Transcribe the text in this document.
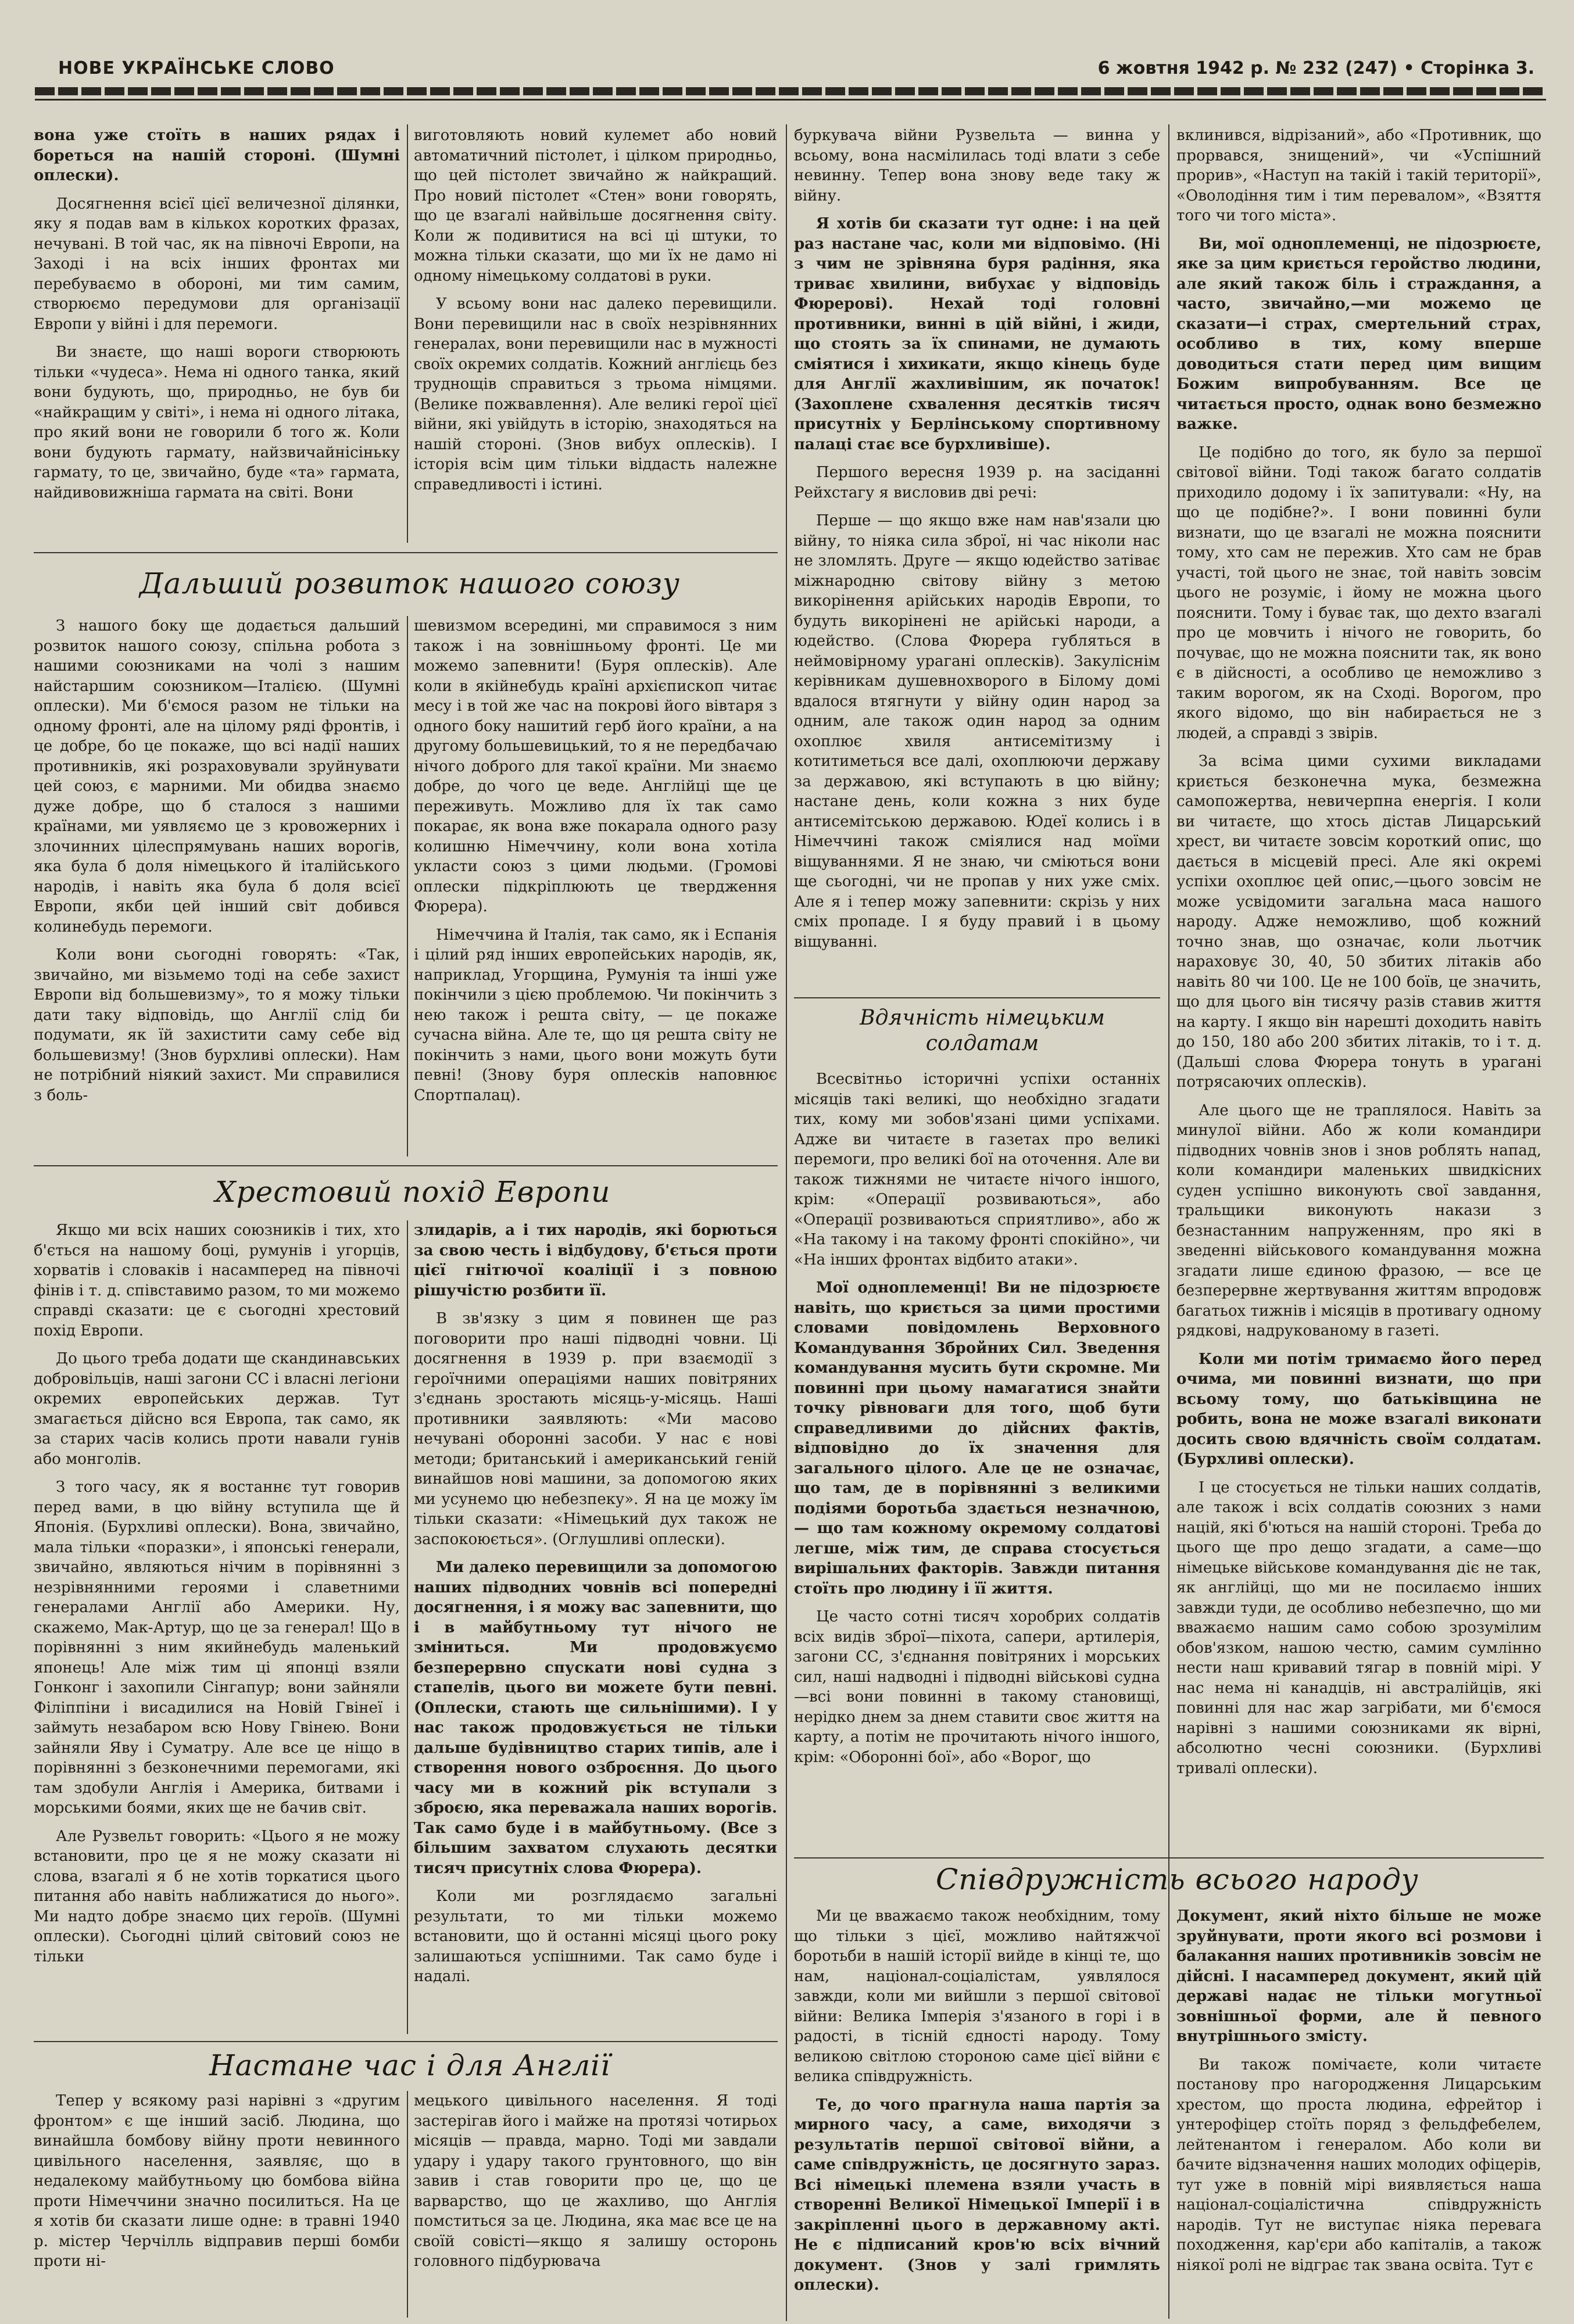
НОВЕ УКРАЇНСЬКЕ СЛОВО	6 жовтня 1942 р. № 232 (247) • Сторінка 3.

вона уже стоїть в наших рядах і бореться на нашій стороні. (Шумні оплески).

Досягнення всієї цієї величезної ділянки, яку я подав вам в кількох коротких фразах, нечувані. В той час, як на півночі Европи, на Заході і на всіх інших фронтах ми перебуваємо в обороні, ми тим самим, створюємо передумови для організації Европи у війні і для перемоги.

Ви знаєте, що наші вороги створюють тільки «чудеса». Нема ні одного танка, який вони будують, що, природньо, не був би «найкращим у світі», і нема ні одного літака, про який вони не говорили б того ж. Коли вони будують гармату, найзвичайнісіньку гармату, то це, звичайно, буде «та» гармата, найдивовижніша гармата на світі. Вони

виготовляють новий кулемет або новий автоматичний пістолет, і цілком природньо, що цей пістолет звичайно ж найкращий. Про новий пістолет «Стен» вони говорять, що це взагалі найвільше досягнення світу. Коли ж подивитися на всі ці штуки, то можна тільки сказати, що ми їх не дамо ні одному німецькому солдатові в руки.

У всьому вони нас далеко перевищили. Вони перевищили нас в своїх незрівнянних генералах, вони перевищили нас в мужності своїх окремих солдатів. Кожний англієць без труднощів справиться з трьома німцями. (Велике пожвавлення). Але великі герої цієї війни, які увійдуть в історію, знаходяться на нашій стороні. (Знов вибух оплесків). І історія всім цим тільки віддасть належне справедливості і істині.

буркувача війни Рузвельта — винна у всьому, вона насмілилась тоді влати з себе невинну. Тепер вона знову веде таку ж війну.

Я хотів би сказати тут одне: і на цей раз настане час, коли ми відповімо. (Ні з чим не зрівняна буря радіння, яка триває хвилини, вибухає у відповідь Фюрерові). Нехай тоді головні противники, винні в цій війні, і жиди, що стоять за їх спинами, не думають сміятися і хихикати, якщо кінець буде для Англії жахливішим, як початок! (Захоплене схвалення десятків тисяч присутніх у Берлінському спортивному палаці стає все бурхливіше).

Першого вересня 1939 р. на засіданні Рейхстагу я висловив дві речі:

Перше — що якщо вже нам нав'язали цю війну, то ніяка сила зброї, ні час ніколи нас не зломлять. Друге — якщо юдейство затіває міжнародню світову війну з метою викорінення арійських народів Европи, то будуть викорінені не арійські народи, а юдейство. (Слова Фюрера губляться в неймовірному урагані оплесків). Закуліснім керівникам душевнохворого в Білому домі вдалося втягнути у війну один народ за одним, але також один народ за одним охоплює хвиля антисемітизму і котитиметься все далі, охоплюючи державу за державою, які вступають в цю війну; настане день, коли кожна з них буде антисемітською державою. Юдеї колись і в Німеччині також сміялися над моїми віщуваннями. Я не знаю, чи сміються вони ще сьогодні, чи не пропав у них уже сміх. Але я і тепер можу запевнити: скрізь у них сміх пропаде. І я буду правий і в цьому віщуванні.

вклинився, відрізаний», або «Противник, що прорвався, знищений», чи «Успішний прорив», «Наступ на такій і такій території», «Оволодіння тим і тим перевалом», «Взяття того чи того міста».

Ви, мої одноплеменці, не підозрюєте, яке за цим криється геройство людини, але який також біль і страждання, а часто, звичайно,—ми можемо це сказати—і страх, смертельний страх, особливо в тих, кому вперше доводиться стати перед цим вищим Божим випробуванням. Все це читається просто, однак воно безмежно важке.

Це подібно до того, як було за першої світової війни. Тоді також багато солдатів приходило додому і їх запитували: «Ну, на що це подібне?». І вони повинні були визнати, що це взагалі не можна пояснити тому, хто сам не пережив. Хто сам не брав участі, той цього не знає, той навіть зовсім цього не розуміє, і йому не можна цього пояснити. Тому і буває так, що дехто взагалі про це мовчить і нічого не говорить, бо почуває, що не можна пояснити так, як воно є в дійсності, а особливо це неможливо з таким ворогом, як на Сході. Ворогом, про якого відомо, що він набирається не з людей, а справді з звірів.

За всіма цими сухими викладами криється безконечна мука, безмежна самопожертва, невичерпна енергія. І коли ви читаєте, що хтось дістав Лицарський хрест, ви читаєте зовсім короткий опис, що дається в місцевій пресі. Але які окремі успіхи охоплює цей опис,—цього зовсім не може усвідомити загальна маса нашого народу. Адже неможливо, щоб кожний точно знав, що означає, коли льотчик нараховує 30, 40, 50 збитих літаків або навіть 80 чи 100. Це не 100 боїв, це значить, що для цього він тисячу разів ставив життя на карту. І якщо він нарешті доходить навіть до 150, 180 або 200 збитих літаків, то і т. д. (Дальші слова Фюрера тонуть в урагані потрясаючих оплесків).

Але цього ще не траплялося. Навіть за минулої війни. Або ж коли командири підводних човнів знов і знов роблять напад, коли командири маленьких швидкісних суден успішно виконують свої завдання, тральщики виконують накази з безнастанним напруженням, про які в зведенні військового командування можна згадати лише єдиною фразою, — все це безперервне жертвування життям впродовж багатьох тижнів і місяців в противагу одному рядкові, надрукованому в газеті.

Коли ми потім тримаємо його перед очима, ми повинні визнати, що при всьому тому, що батьківщина не робить, вона не може взагалі виконати досить свою вдячність своїм солдатам. (Бурхливі оплески).

І це стосується не тільки наших солдатів, але також і всіх солдатів союзних з нами націй, які б'ються на нашій стороні. Треба до цього ще про дещо згадати, а саме—що німецьке військове командування діє не так, як англійці, що ми не посилаємо інших завжди туди, де особливо небезпечно, що ми вважаємо нашим само собою зрозумілим обов'язком, нашою честю, самим сумлінно нести наш кривавий тягар в повній мірі. У нас нема ні канадців, ні австралійців, які повинні для нас жар загрібати, ми б'ємося нарівні з нашими союзниками як вірні, абсолютно чесні союзники. (Бурхливі тривалі оплески).

Дальший розвиток нашого союзу

З нашого боку ще додається дальший розвиток нашого союзу, спільна робота з нашими союзниками на чолі з нашим найстаршим союзником—Італією. (Шумні оплески). Ми б'ємося разом не тільки на одному фронті, але на цілому ряді фронтів, і це добре, бо це покаже, що всі надії наших противників, які розраховували зруйнувати цей союз, є марними. Ми обидва знаємо дуже добре, що б сталося з нашими країнами, ми уявляємо це з кровожерних і злочинних цілеспрямувань наших ворогів, яка була б доля німецького й італійського народів, і навіть яка була б доля всієї Европи, якби цей інший світ добився колинебудь перемоги.

Коли вони сьогодні говорять: «Так, звичайно, ми візьмемо тоді на себе захист Европи від большевизму», то я можу тільки дати таку відповідь, що Англії слід би подумати, як їй захистити саму себе від большевизму! (Знов бурхливі оплески). Нам не потрібний ніякий захист. Ми справилися з боль-

шевизмом всередині, ми справимося з ним також і на зовнішньому фронті. Це ми можемо запевнити! (Буря оплесків). Але коли в якійнебудь країні архієпископ читає месу і в той же час на покрові його вівтаря з одного боку нашитий герб його країни, а на другому большевицький, то я не передбачаю нічого доброго для такої країни. Ми знаємо добре, до чого це веде. Англійці ще це переживуть. Можливо для їх так само покарає, як вона вже покарала одного разу колишню Німеччину, коли вона хотіла укласти союз з цими людьми. (Громові оплески підкріплюють це твердження Фюрера).

Німеччина й Італія, так само, як і Еспанія і цілий ряд інших европейських народів, як, наприклад, Угорщина, Румунія та інші уже покінчили з цією проблемою. Чи покінчить з нею також і решта світу, — це покаже сучасна війна. Але те, що ця решта світу не покінчить з нами, цього вони можуть бути певні! (Знову буря оплесків наповнює Спортпалац).

Хрестовий похід Европи

Якщо ми всіх наших союзників і тих, хто б'ється на нашому боці, румунів і угорців, хорватів і словаків і насамперед на півночі фінів і т. д. співставимо разом, то ми можемо справді сказати: це є сьогодні хрестовий похід Европи.

До цього треба додати ще скандинавських добровільців, наші загони СС і власні легіони окремих европейських держав. Тут змагається дійсно вся Европа, так само, як за старих часів колись проти навали гунів або монголів.

З того часу, як я востаннє тут говорив перед вами, в цю війну вступила ще й Японія. (Бурхливі оплески). Вона, звичайно, мала тільки «поразки», і японські генерали, звичайно, являються нічим в порівнянні з незрівнянними героями і славетними генералами Англії або Америки. Ну, скажемо, Мак-Артур, що це за генерал! Що в порівнянні з ним якийнебудь маленький японець! Але між тим ці японці взяли Гонконг і захопили Сінгапур; вони зайняли Філіппіни і висадилися на Новій Гвінеї і займуть незабаром всю Нову Гвінею. Вони зайняли Яву і Суматру. Але все це ніщо в порівнянні з безконечними перемогами, які там здобули Англія і Америка, битвами і морськими боями, яких ще не бачив світ.

Але Рузвельт говорить: «Цього я не можу встановити, про це я не можу сказати ні слова, взагалі я б не хотів торкатися цього питання або навіть наближатися до нього». Ми надто добре знаємо цих героїв. (Шумні оплески). Сьогодні цілий світовий союз не тільки

злидарів, а і тих народів, які борються за свою честь і відбудову, б'ється проти цієї гнітючої коаліції і з повною рішучістю розбити її.

В зв'язку з цим я повинен ще раз поговорити про наші підводні човни. Ці досягнення в 1939 р. при взаємодії з героїчними операціями наших повітряних з'єднань зростають місяць-у-місяць. Наші противники заявляють: «Ми масово нечувані оборонні засоби. У нас є нові методи; британський і американський геній винайшов нові машини, за допомогою яких ми усунемо цю небезпеку». Я на це можу їм тільки сказати: «Німецький дух також не заспокоюється». (Оглушливі оплески).

Ми далеко перевищили за допомогою наших підводних човнів всі попередні досягнення, і я можу вас запевнити, що і в майбутньому тут нічого не зміниться. Ми продовжуємо безперервно спускати нові судна з стапелів, цього ви можете бути певні. (Оплески, стають ще сильнішими). І у нас також продовжується не тільки дальше будівництво старих типів, але і створення нового озброєння. До цього часу ми в кожний рік вступали з зброєю, яка переважала наших ворогів. Так само буде і в майбутньому. (Все з більшим захватом слухають десятки тисяч присутніх слова Фюрера).

Коли ми розглядаємо загальні результати, то ми тільки можемо встановити, що й останні місяці цього року залишаються успішними. Так само буде і надалі.

Настане час і для Англії

Тепер у всякому разі нарівні з «другим фронтом» є ще інший засіб. Людина, що винайшла бомбову війну проти невинного цивільного населення, заявляє, що в недалекому майбутньому цю бомбова війна проти Німеччини значно посилиться. На це я хотів би сказати лише одне: в травні 1940 р. містер Черчілль відправив перші бомби проти ні-

мецького цивільного населення. Я тоді застерігав його і майже на протязі чотирьох місяців — правда, марно. Тоді ми завдали удару і удару такого грунтовного, що він завив і став говорити про це, що це варварство, що це жахливо, що Англія помститься за це. Людина, яка має все це на своїй совісті—якщо я залишу осторонь головного підбурювача

Вдячність німецьким солдатам

Всесвітньо історичні успіхи останніх місяців такі великі, що необхідно згадати тих, кому ми зобов'язані цими успіхами. Адже ви читаєте в газетах про великі перемоги, про великі бої на оточення. Але ви також тижнями не читаєте нічого іншого, крім: «Операції розвиваються», або «Операції розвиваються сприятливо», або ж «На такому і на такому фронті спокійно», чи «На інших фронтах відбито атаки».

Мої одноплеменці! Ви не підозрюєте навіть, що криється за цими простими словами повідомлень Верховного Командування Збройних Сил. Зведення командування мусить бути скромне. Ми повинні при цьому намагатися знайти точку рівноваги для того, щоб бути справедливими до дійсних фактів, відповідно до їх значення для загального цілого. Але це не означає, що там, де в порівнянні з великими подіями боротьба здається незначною, — що там кожному окремому солдатові легше, між тим, де справа стосується вирішальних факторів. Завжди питання стоїть про людину і її життя.

Це часто сотні тисяч хоробрих солдатів всіх видів зброї—піхота, сапери, артилерія, загони СС, з'єднання повітряних і морських сил, наші надводні і підводні військові судна—всі вони повинні в такому становищі, нерідко днем за днем ставити своє життя на карту, а потім не прочитають нічого іншого, крім: «Оборонні бої», або «Ворог, що

Співдружність всього народу

Ми це вважаємо також необхідним, тому що тільки з цієї, можливо найтяжчої боротьби в нашій історії вийде в кінці те, що нам, націонал-соціалістам, уявлялося завжди, коли ми вийшли з першої світової війни: Велика Імперія з'язаного в горі і в радості, в тісній єдності народу. Тому великою світлою стороною саме цієї війни є велика співдружність.

Те, до чого прагнула наша партія за мирного часу, а саме, виходячи з результатів першої світової війни, а саме співдружність, це досягнуто зараз. Всі німецькі племена взяли участь в створенні Великої Німецької Імперії і в закріпленні цього в державному акті. Не є підписаний кров'ю всіх вічний документ. (Знов у залі гримлять оплески).

Документ, який ніхто більше не може зруйнувати, проти якого всі розмови і балакання наших противників зовсім не дійсні. І насамперед документ, який цій державі надає не тільки могутньої зовнішньої форми, але й певного внутрішнього змісту.

Ви також помічаєте, коли читаєте постанову про нагородження Лицарським хрестом, що проста людина, ефрейтор і унтерофіцер стоїть поряд з фельдфебелем, лейтенантом і генералом. Або коли ви бачите відзначення наших молодих офіцерів, тут уже в повній мірі виявляється наша націонал-соціалістична співдружність народів. Тут не виступає ніяка перевага походження, кар'єри або капіталів, а також ніякої ролі не відграє так звана освіта. Тут є
